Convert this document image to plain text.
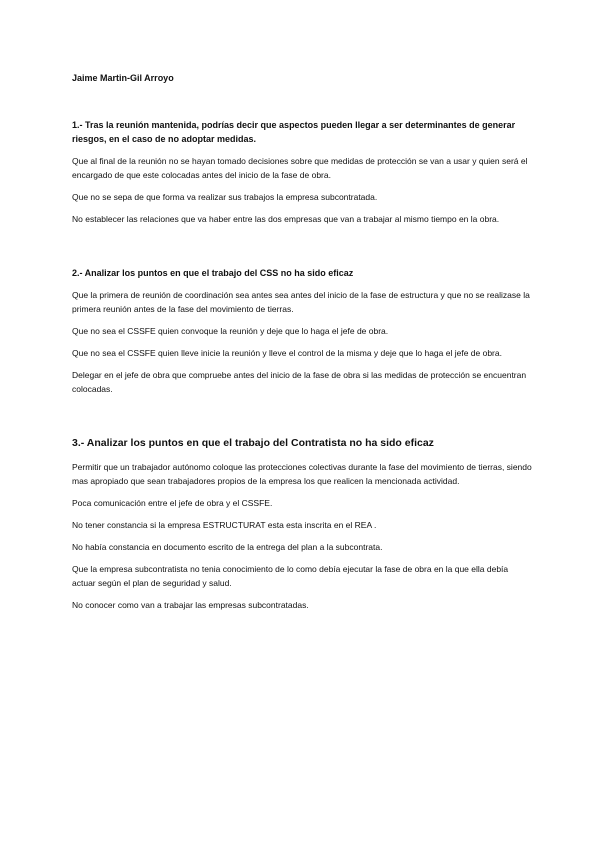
Jaime Martin-Gil Arroyo
1.- Tras la reunión mantenida, podrías decir que aspectos pueden llegar a ser determinantes de generar riesgos, en el caso de no adoptar medidas.
Que al final de la reunión no se hayan tomado decisiones sobre que medidas de protección se van a usar y quien será el encargado de que este colocadas antes del inicio de la fase de obra.
Que no se sepa de que forma va realizar sus trabajos la empresa subcontratada.
No establecer las relaciones que va haber entre las dos empresas que van a trabajar al mismo tiempo en la obra.
2.- Analizar los puntos en que el trabajo del CSS no ha sido eficaz
Que la primera de reunión de coordinación sea antes sea antes del inicio de la fase de estructura y que no se realizase la primera reunión antes de la fase del movimiento de tierras.
Que no sea el CSSFE quien convoque la reunión y deje que lo haga el jefe de obra.
Que no sea el CSSFE quien lleve inicie la reunión y lleve el control de la misma y deje que lo haga el jefe de obra.
Delegar en el jefe de obra que compruebe antes del inicio de la fase de obra si las medidas de protección se encuentran colocadas.
3.- Analizar los puntos en que el trabajo del Contratista no ha sido eficaz
Permitir que un trabajador autónomo coloque las protecciones colectivas durante la fase del movimiento de tierras, siendo mas apropiado que sean trabajadores propios de la empresa los que realicen la mencionada actividad.
Poca comunicación entre el jefe de obra y el CSSFE.
No tener constancia si la empresa ESTRUCTURAT esta esta inscrita en el REA .
No había constancia en documento escrito de la entrega del plan a la subcontrata.
Que la empresa subcontratista no tenia conocimiento de lo como debía ejecutar la fase de obra en la que ella debía actuar según el plan de seguridad y salud.
No conocer como van a trabajar las empresas subcontratadas.
